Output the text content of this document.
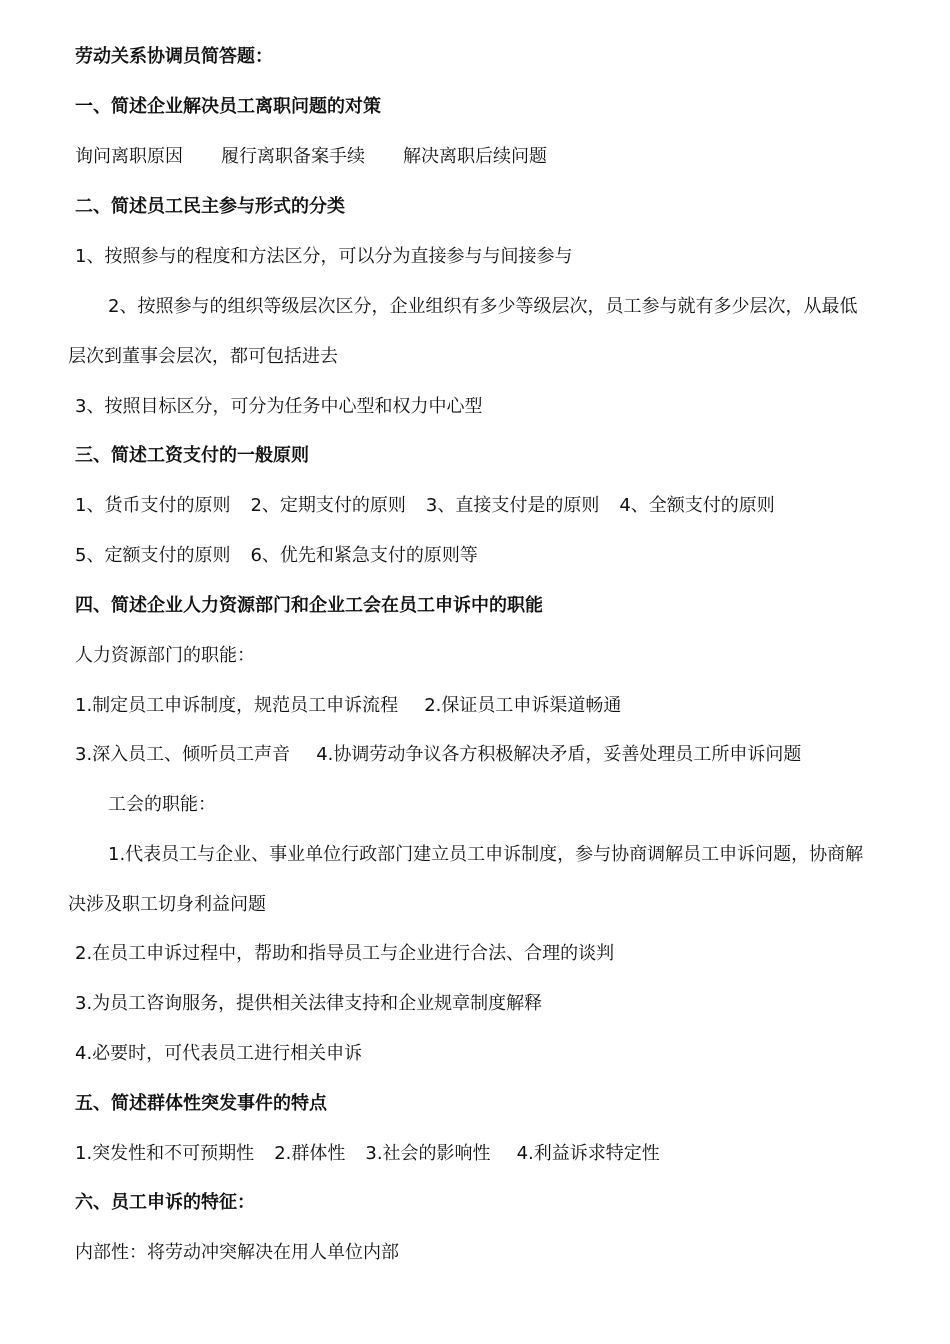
劳动关系协调员简答题：
一、简述企业解决员工离职问题的对策
询问离职原因 履行离职备案手续 解决离职后续问题
二、简述员工民主参与形式的分类
1、按照参与的程度和方法区分，可以分为直接参与与间接参与
2、按照参与的组织等级层次区分，企业组织有多少等级层次，员工参与就有多少层次，从最低
层次到董事会层次，都可包括进去
3、按照目标区分，可分为任务中心型和权力中心型
三、简述工资支付的一般原则
1、货币支付的原则 2、定期支付的原则 3、直接支付是的原则 4、全额支付的原则
5、定额支付的原则 6、优先和紧急支付的原则等
四、简述企业人力资源部门和企业工会在员工申诉中的职能
人力资源部门的职能：
1.制定员工申诉制度，规范员工申诉流程 2.保证员工申诉渠道畅通
3.深入员工、倾听员工声音 4.协调劳动争议各方积极解决矛盾，妥善处理员工所申诉问题
工会的职能：
1.代表员工与企业、事业单位行政部门建立员工申诉制度，参与协商调解员工申诉问题，协商解
决涉及职工切身利益问题
2.在员工申诉过程中，帮助和指导员工与企业进行合法、合理的谈判
3.为员工咨询服务，提供相关法律支持和企业规章制度解释
4.必要时，可代表员工进行相关申诉
五、简述群体性突发事件的特点
1.突发性和不可预期性 2.群体性 3.社会的影响性 4.利益诉求特定性
六、员工申诉的特征：
内部性：将劳动冲突解决在用人单位内部
